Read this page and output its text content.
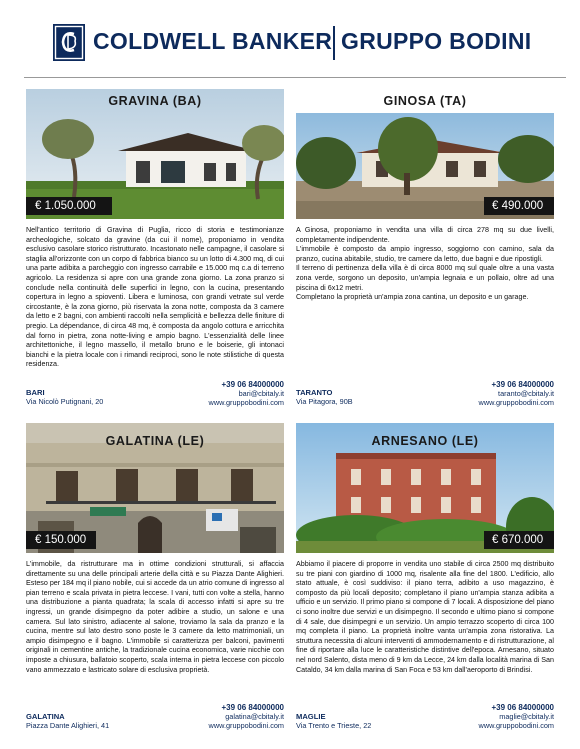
COLDWELL BANKER GRUPPO BODINI
GRAVINA (BA)
€ 1.050.000
Nell'antico territorio di Gravina di Puglia, ricco di storia e testimonianze archeologiche, solcato da gravine (da cui il nome), proponiamo in vendita esclusivo casolare storico ristrutturato. Incastonato nelle campagne, il casolare si staglia all'orizzonte con un corpo di fabbrica bianco su un lotto di 4.300 mq, di cui una parte adibita a parcheggio con ingresso carrabile e 15.000 mq c.a di terreno agricolo. La residenza si apre con una grande zona giorno. La zona pranzo si conclude nella continuità delle superfici in legno, con la cucina, presentando copertura in legno a spioventi. Libera e luminosa, con grandi vetrate sul verde circostante, è la zona giorno, più riservata la zona notte, composta da 3 camere da letto e 2 bagni, con ambienti raccolti nella semplicità e bellezza delle finiture di pregio. La dépendance, di circa 48 mq, è composta da angolo cottura e arricchita dal forno in pietra, zona notte-living e ampio bagno. L'essenzialità delle linee architettoniche, il legno massello, il metallo bruno e le boiserie, gli intonaci bianchi e la pietra locale con i rimandi reciproci, sono le note stilistiche di questa residenza.
BARI
Via Nicolò Putignani, 20
+39 06 84000000
bari@cbitaly.it
www.gruppobodini.com
GINOSA (TA)
€ 490.000
A Ginosa, proponiamo in vendita una villa di circa 278 mq su due livelli, completamente indipendente.
L'immobile è composto da ampio ingresso, soggiorno con camino, sala da pranzo, cucina abitabile, studio, tre camere da letto, due bagni e due ripostigli.
Il terreno di pertinenza della villa è di circa 8000 mq sul quale oltre a una vasta zona verde, sorgono un deposito, un'ampia legnaia e un pollaio, oltre ad una piscina di 6x12 metri.
Completano la proprietà un'ampia zona cantina, un deposito e un garage.
TARANTO
Via Pitagora, 90B
+39 06 84000000
taranto@cbitaly.it
www.gruppobodini.com
GALATINA (LE)
€ 150.000
L'immobile, da ristrutturare ma in ottime condizioni strutturali, si affaccia direttamente su una delle principali arterie della città e su Piazza Dante Alighieri. Esteso per 184 mq il piano nobile, cui si accede da un atrio comune di ingresso al pian terreno e scala privata in pietra leccese. I vani, tutti con volte a stella, hanno una distribuzione a pianta quadrata; la scala di accesso infatti si apre su tre ingressi, un grande disimpegno da poter adibire a studio, un salone e una camera. Sul lato sinistro, adiacente al salone, troviamo la sala da pranzo e la cucina, mentre sul lato destro sono poste le 3 camere da letto matrimoniali, un ampio disimpegno e il bagno. L'immobile si caratterizza per balconi, pavimenti originali in cementine antiche, la tradizionale cucina economica, varie nicchie con imposte a chiusura, ballatoio scoperto, scala interna in pietra leccese con piccolo vano ammezzato e lastricato solare di esclusiva proprietà.
GALATINA
Piazza Dante Alighieri, 41
+39 06 84000000
galatina@cbitaly.it
www.gruppobodini.com
ARNESANO (LE)
€ 670.000
Abbiamo il piacere di proporre in vendita uno stabile di circa 2500 mq distribuito su tre piani con giardino di 1000 mq, risalente alla fine del 1800. L'edificio, allo stato attuale, è così suddiviso: il piano terra, adibito a uso magazzino, è composto da più locali deposito; completano il piano un'ampia stanza adibita a ufficio e un servizio. Il primo piano si compone di 7 locali. A disposizione del piano ci sono inoltre due servizi e un disimpegno. Il secondo e ultimo piano si compone di 4 sale, due disimpegni e un servizio. Un ampio terrazzo scoperto di circa 100 mq completa il piano. La proprietà inoltre vanta un'ampia zona ristorativa. La struttura necessita di alcuni interventi di ammodernamento e di ristrutturazione, al fine di riportare alla luce le caratteristiche distintive dell'epoca. Arnesano, situato nel nord Salento, dista meno di 9 km da Lecce, 24 km dalla località marina di San Cataldo, 34 km dalla marina di San Foca e 53 km dall'aeroporto di Brindisi.
MAGLIE
Via Trento e Trieste, 22
+39 06 84000000
maglie@cbitaly.it
www.gruppobodini.com
